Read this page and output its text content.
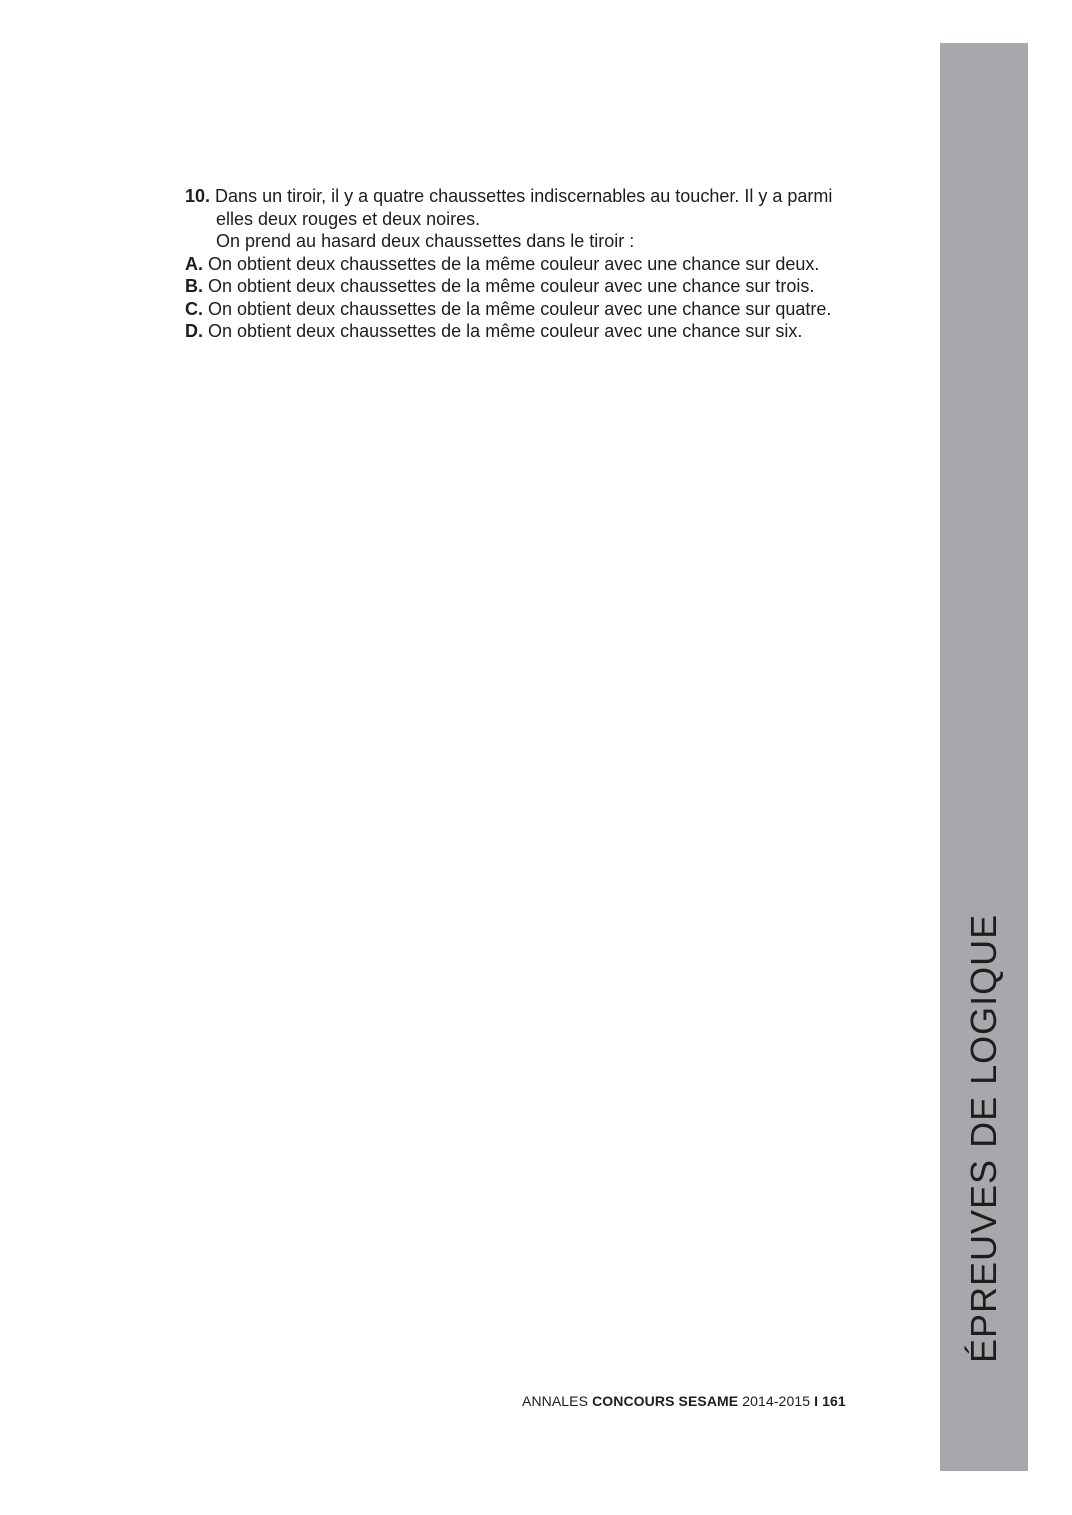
10. Dans un tiroir, il y a quatre chaussettes indiscernables au toucher. Il y a parmi
elles deux rouges et deux noires.
On prend au hasard deux chaussettes dans le tiroir :
A. On obtient deux chaussettes de la même couleur avec une chance sur deux.
B. On obtient deux chaussettes de la même couleur avec une chance sur trois.
C. On obtient deux chaussettes de la même couleur avec une chance sur quatre.
D. On obtient deux chaussettes de la même couleur avec une chance sur six.
ANNALES CONCOURS SESAME 2014-2015 I 161
ÉPREUVES DE LOGIQUE
